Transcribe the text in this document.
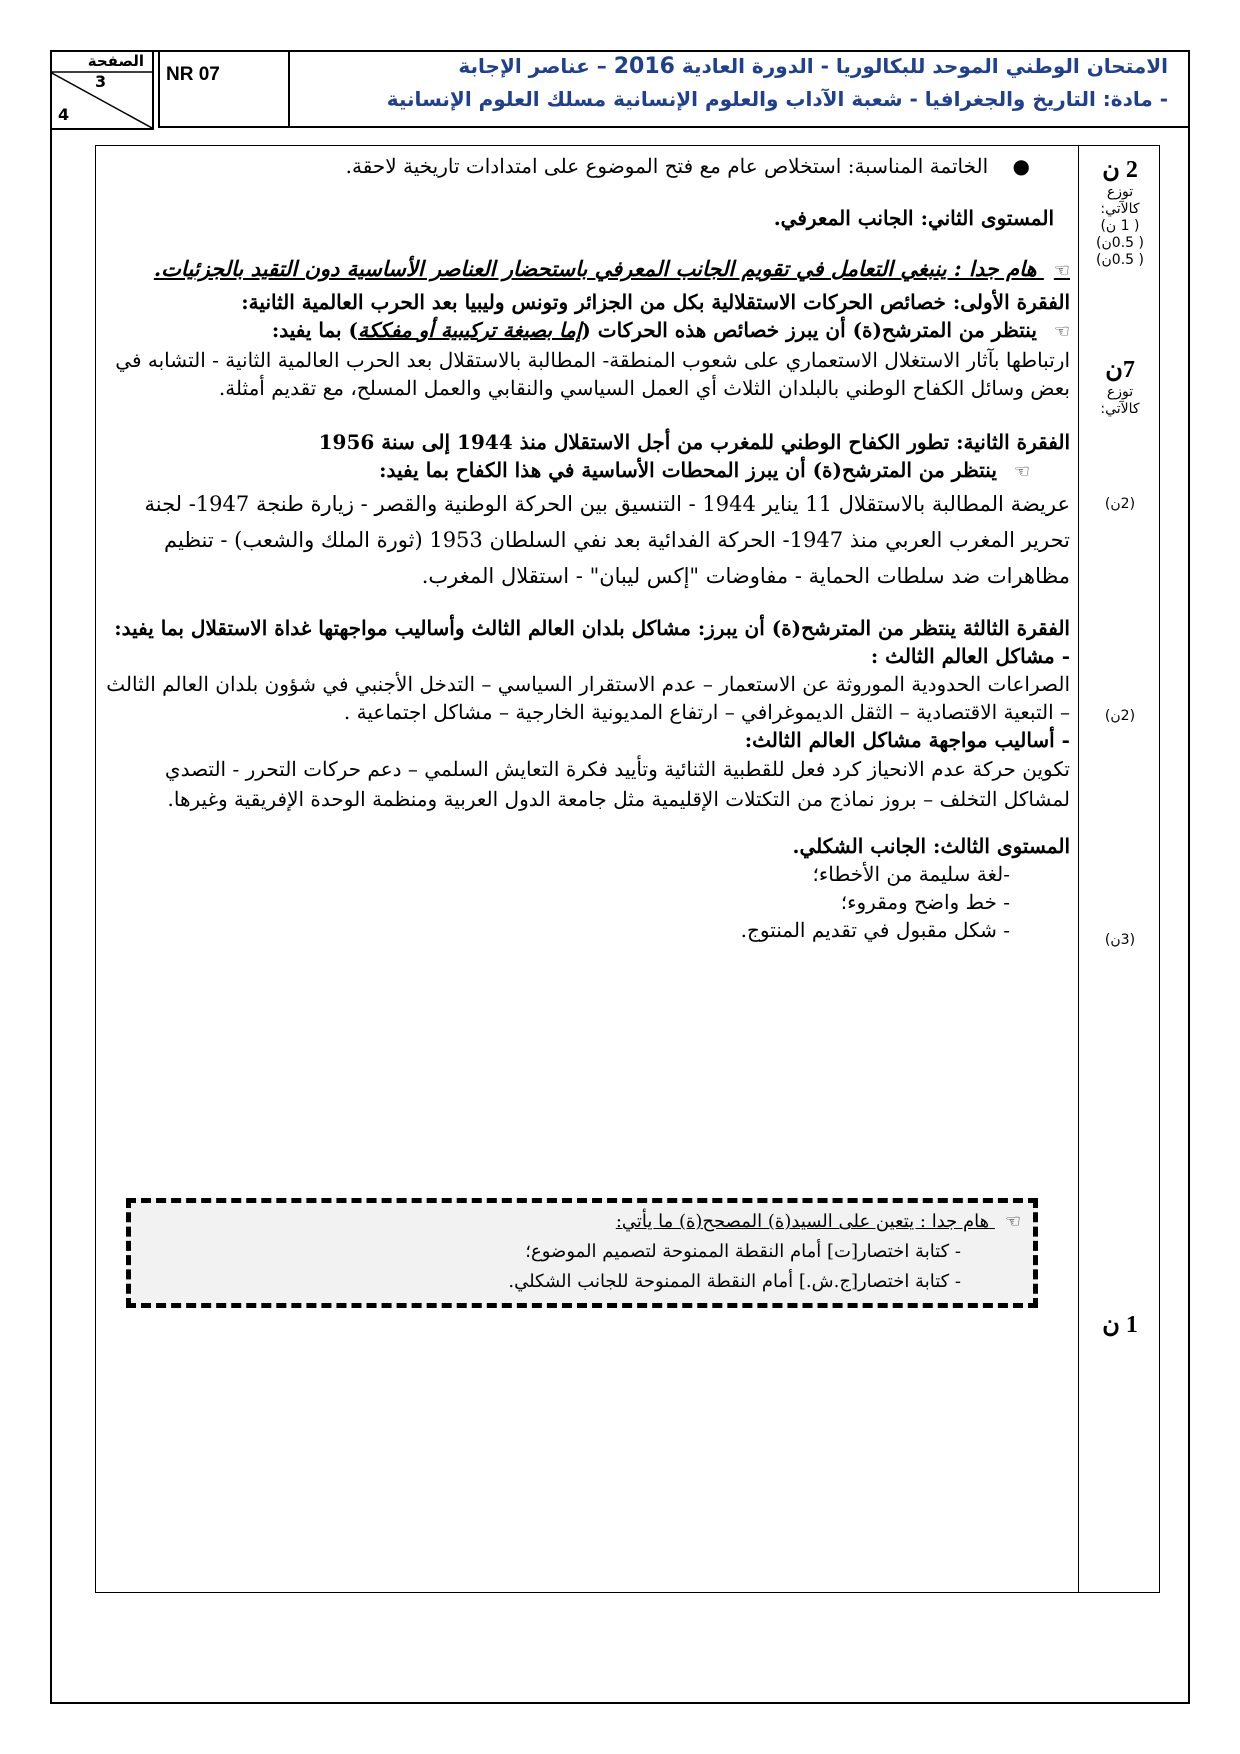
الصفحة
3
4
NR 07	الامتحان الوطني الموحد للبكالوريا - الدورة العادية 2016 – عناصر الإجابة
- مادة: التاريخ والجغرافيا - شعبة الآداب والعلوم الإنسانية مسلك العلوم الإنسانية

● الخاتمة المناسبة: استخلاص عام مع فتح الموضوع على امتدادات تاريخية لاحقة.

المستوى الثاني: الجانب المعرفي.

☜ هام جدا : ينبغي التعامل في تقويم الجانب المعرفي باستحضار العناصر الأساسية دون التقيد بالجزئيات.

الفقرة الأولى: خصائص الحركات الاستقلالية بكل من الجزائر وتونس وليبيا بعد الحرب العالمية الثانية:

☜ ينتظر من المترشح(ة) أن يبرز خصائص هذه الحركات (إما بصيغة تركيبية أو مفككة) بما يفيد:

ارتباطها بآثار الاستغلال الاستعماري على شعوب المنطقة- المطالبة بالاستقلال بعد الحرب العالمية الثانية - التشابه في بعض وسائل الكفاح الوطني بالبلدان الثلاث أي العمل السياسي والنقابي والعمل المسلح، مع تقديم أمثلة.

الفقرة الثانية: تطور الكفاح الوطني للمغرب من أجل الاستقلال منذ 1944 إلى سنة 1956

☜ ينتظر من المترشح(ة) أن يبرز المحطات الأساسية في هذا الكفاح بما يفيد:

عريضة المطالبة بالاستقلال 11 يناير 1944 - التنسيق بين الحركة الوطنية والقصر - زيارة طنجة 1947- لجنة تحرير المغرب العربي منذ 1947- الحركة الفدائية بعد نفي السلطان 1953 (ثورة الملك والشعب) - تنظيم مظاهرات ضد سلطات الحماية - مفاوضات "إكس ليبان" - استقلال المغرب.

الفقرة الثالثة ينتظر من المترشح(ة) أن يبرز: مشاكل بلدان العالم الثالث وأساليب مواجهتها غداة الاستقلال بما يفيد:

- مشاكل العالم الثالث :

الصراعات الحدودية الموروثة عن الاستعمار – عدم الاستقرار السياسي – التدخل الأجنبي في شؤون بلدان العالم الثالث – التبعية الاقتصادية – الثقل الديموغرافي – ارتفاع المديونية الخارجية – مشاكل اجتماعية .

- أساليب مواجهة مشاكل العالم الثالث:

تكوين حركة عدم الانحياز كرد فعل للقطبية الثنائية وتأييد فكرة التعايش السلمي – دعم حركات التحرر - التصدي لمشاكل التخلف – بروز نماذج من التكتلات الإقليمية مثل جامعة الدول العربية ومنظمة الوحدة الإفريقية وغيرها.

المستوى الثالث: الجانب الشكلي.

-لغة سليمة من الأخطاء؛

- خط واضح ومقروء؛

- شكل مقبول في تقديم المنتوج.

☜ هام جدا : يتعين على السيد(ة) المصحح(ة) ما يأتي:
- كتابة اختصار[ت] أمام النقطة الممنوحة لتصميم الموضوع؛
- كتابة اختصار[ج.ش.] أمام النقطة الممنوحة للجانب الشكلي.
2 ن
توزع
كالآتي:
( 1 ن)
( 0.5ن)
( 0.5ن)
7ن
توزع
كالآتي:
(2ن)
(2ن)
(3ن)
1 ن
